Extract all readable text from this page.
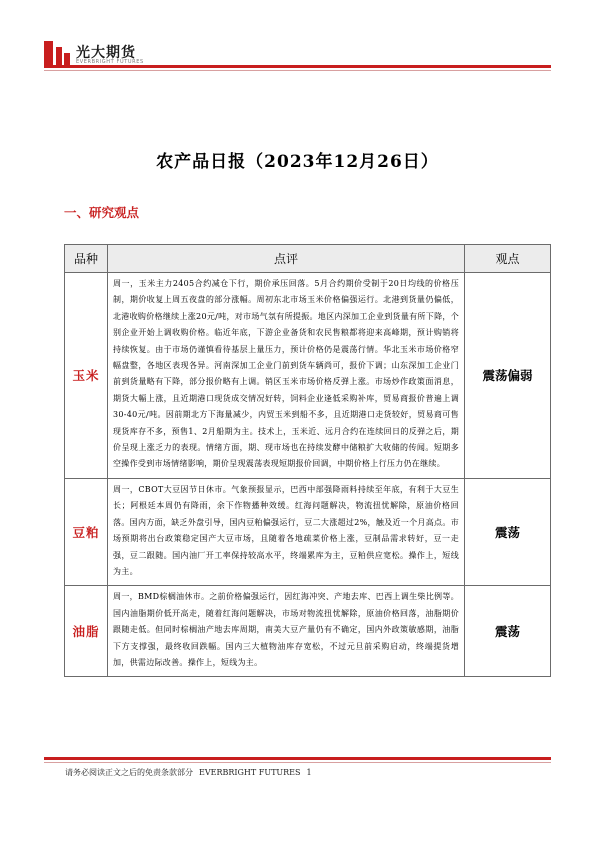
光大期货
EVERBRIGHT FUTURES
农产品日报（2023年12月26日）
一、研究观点
品种	点评	观点
玉米	周一，玉米主力2405合约减仓下行，期价承压回落。5月合约期价受制于20日均线的价格压制，期价收复上周五夜盘的部分涨幅。周初东北市场玉米价格偏强运行。北港到货量仍偏低，北港收购价格继续上涨20元/吨，对市场气氛有所提振。地区内深加工企业到货量有所下降，个别企业开始上调收购价格。临近年底，下游企业备货和农民售粮都将迎来高峰期，预计购销将持续恢复。由于市场仍谨慎看待基层上量压力，预计价格仍是震荡行情。华北玉米市场价格窄幅盘整，各地区表现各异。河南深加工企业门前到货车辆尚可，报价下调；山东深加工企业门前到货量略有下降，部分报价略有上调。销区玉米市场价格反弹上涨。市场炒作政策面消息，期货大幅上涨，且近期港口现货成交情况好转，饲料企业逢低采购补库，贸易商报价普遍上调30-40元/吨。因前期北方下海量减少，内贸玉米到船不多，且近期港口走货较好，贸易商可售现货库存不多，预售1、2月船期为主。技术上，玉米近、远月合约在连续回日的反弹之后，期价呈现上涨乏力的表现。情绪方面，期、现市场也在持续发酵中储粮扩大收储的传闻。短期多空操作受到市场情绪影响，期价呈现震荡表现短期报价回调，中期价格上行压力仍在继续。	震荡偏弱
豆粕	周一，CBOT大豆因节日休市。气象预报显示，巴西中部强降雨料持续至年底，有利于大豆生长；阿根廷本周仍有降雨，余下作物播种效缓。红海问题解决，物流扭忧解除，原油价格回落。国内方面，缺乏外盘引导，国内豆粕偏强运行，豆二大涨超过2%，触及近一个月高点。市场预期将出台政策稳定国产大豆市场，且随着各地疏菜价格上涨，豆制品需求转好，豆一走强，豆二跟随。国内油厂开工率保持较高水平，终端累库为主，豆粕供应宽松。操作上，短线为主。	震荡
油脂	周一，BMD棕榈油休市。之前价格偏强运行，因红海冲突、产地去库、巴西上调生柴比例等。国内油脂期价低开高走，随着红海问题解决，市场对物流扭忧解除，原油价格回落，油脂期价跟随走低。但同时棕榈油产地去库周期，南美大豆产量仍有不确定，国内外政策敏感期，油脂下方支撑强，最终收回跌幅。国内三大植物油库存宽松，不过元旦前采购启动，终端提货增加，供需边际改善。操作上，短线为主。	震荡
请务必阅读正文之后的免责条款部分 EVERBRIGHT FUTURES 1
